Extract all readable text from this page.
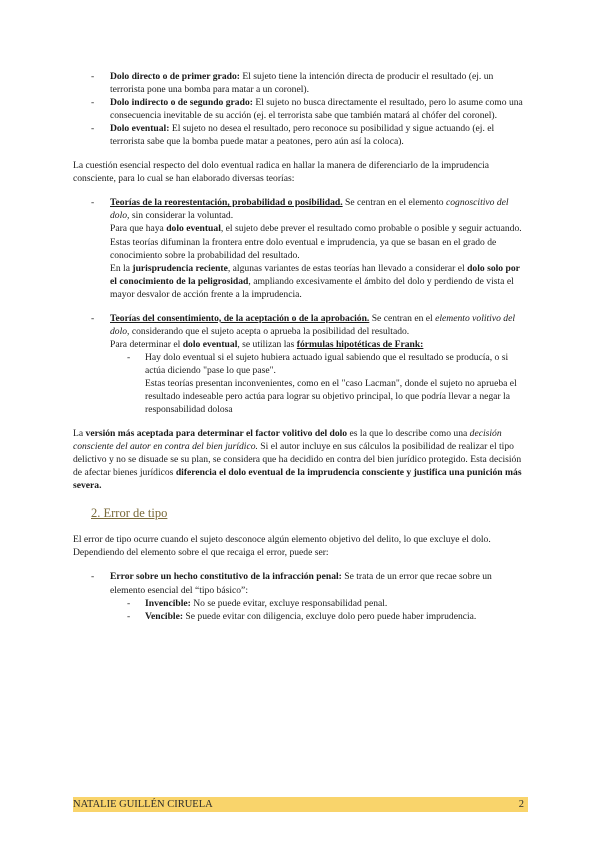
- Dolo directo o de primer grado: El sujeto tiene la intención directa de producir el resultado (ej. un terrorista pone una bomba para matar a un coronel).
- Dolo indirecto o de segundo grado: El sujeto no busca directamente el resultado, pero lo asume como una consecuencia inevitable de su acción (ej. el terrorista sabe que también matará al chófer del coronel).
- Dolo eventual: El sujeto no desea el resultado, pero reconoce su posibilidad y sigue actuando (ej. el terrorista sabe que la bomba puede matar a peatones, pero aún así la coloca).

La cuestión esencial respecto del dolo eventual radica en hallar la manera de diferenciarlo de la imprudencia consciente, para lo cual se han elaborado diversas teorías:

- Teorías de la reorestentación, probabilidad o posibilidad. Se centran en el elemento cognoscitivo del dolo, sin considerar la voluntad.
Para que haya dolo eventual, el sujeto debe prever el resultado como probable o posible y seguir actuando. Estas teorías difuminan la frontera entre dolo eventual e imprudencia, ya que se basan en el grado de conocimiento sobre la probabilidad del resultado.
En la jurisprudencia reciente, algunas variantes de estas teorías han llevado a considerar el dolo solo por el conocimiento de la peligrosidad, ampliando excesivamente el ámbito del dolo y perdiendo de vista el mayor desvalor de acción frente a la imprudencia.
- Teorías del consentimiento, de la aceptación o de la aprobación. Se centran en el elemento volitivo del dolo, considerando que el sujeto acepta o aprueba la posibilidad del resultado.
Para determinar el dolo eventual, se utilizan las fórmulas hipotéticas de Frank:
- Hay dolo eventual si el sujeto hubiera actuado igual sabiendo que el resultado se producía, o si actúa diciendo "pase lo que pase".
Estas teorías presentan inconvenientes, como en el "caso Lacman", donde el sujeto no aprueba el resultado indeseable pero actúa para lograr su objetivo principal, lo que podría llevar a negar la responsabilidad dolosa

La versión más aceptada para determinar el factor volitivo del dolo es la que lo describe como una decisión consciente del autor en contra del bien jurídico. Si el autor incluye en sus cálculos la posibilidad de realizar el tipo delictivo y no se disuade se su plan, se considera que ha decidido en contra del bien jurídico protegido. Esta decisión de afectar bienes jurídicos diferencia el dolo eventual de la imprudencia consciente y justifica una punición más severa.

2. Error de tipo

El error de tipo ocurre cuando el sujeto desconoce algún elemento objetivo del delito, lo que excluye el dolo. Dependiendo del elemento sobre el que recaiga el error, puede ser:

- Error sobre un hecho constitutivo de la infracción penal: Se trata de un error que recae sobre un elemento esencial del “tipo básico”:
- Invencible: No se puede evitar, excluye responsabilidad penal.
- Vencible: Se puede evitar con diligencia, excluye dolo pero puede haber imprudencia.
NATALIE GUILLÉN CIRUELA	2
